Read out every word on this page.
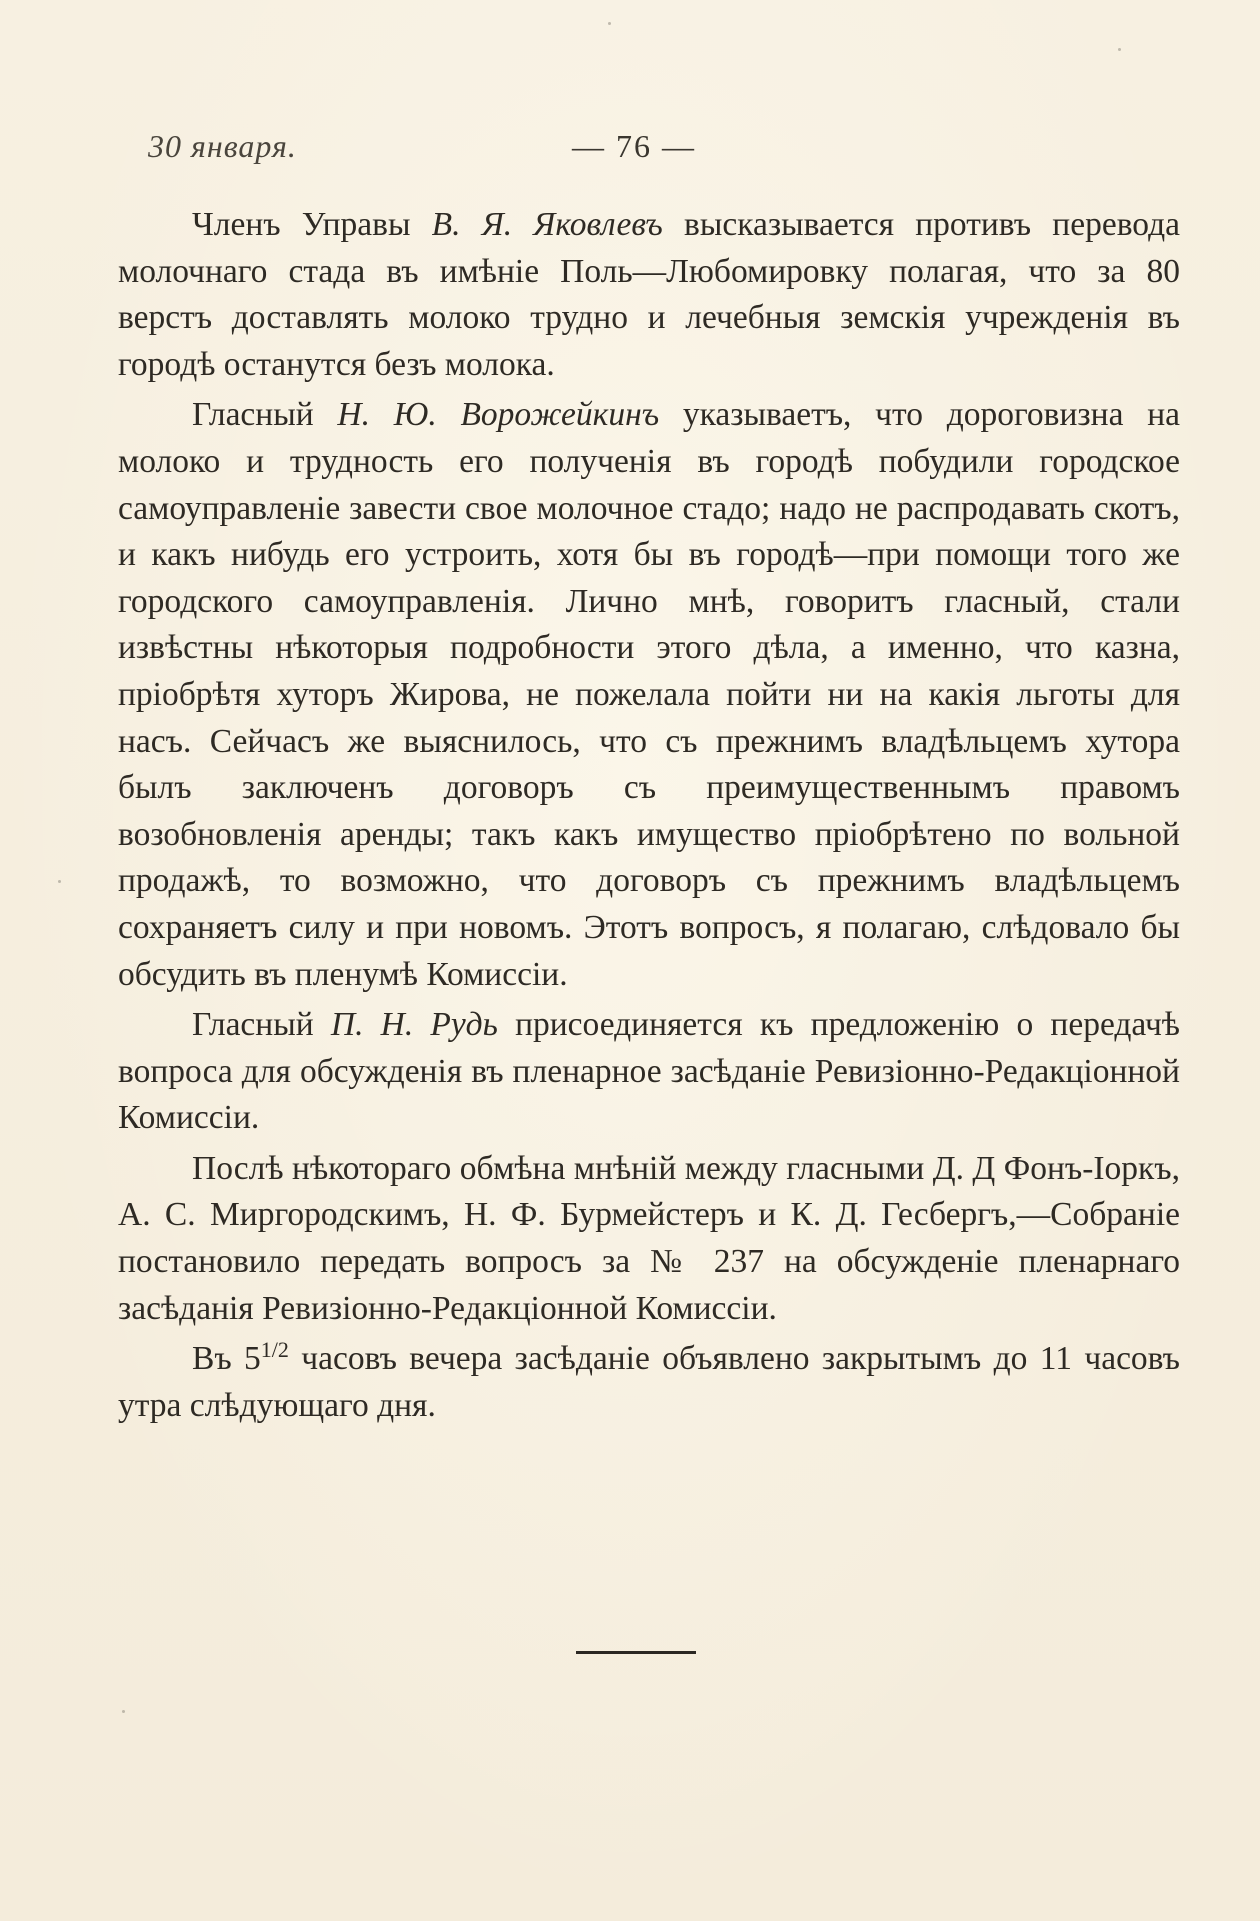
30 января.	— 76 —

Членъ Управы В. Я. Яковлевъ высказывается противъ перевода молочнаго стада въ имѣніе Поль—Любомировку полагая, что за 80 верстъ доставлять молоко трудно и лечебныя земскія учрежденія въ городѣ останутся безъ молока.

Гласный Н. Ю. Ворожейкинъ указываетъ, что дороговизна на молоко и трудность его полученія въ городѣ побудили городское самоуправленіе завести свое молочное стадо; надо не распродавать скотъ, и какъ нибудь его устроить, хотя бы въ городѣ—при помощи того же городского самоуправленія. Лично мнѣ, говоритъ гласный, стали извѣстны нѣкоторыя подробности этого дѣла, а именно, что казна, пріобрѣтя хуторъ Жирова, не пожелала пойти ни на какія льготы для насъ. Сейчасъ же выяснилось, что съ прежнимъ владѣльцемъ хутора былъ заключенъ договоръ съ преимущественнымъ правомъ возобновленія аренды; такъ какъ имущество пріобрѣтено по вольной продажѣ, то возможно, что договоръ съ прежнимъ владѣльцемъ сохраняетъ силу и при новомъ. Этотъ вопросъ, я полагаю, слѣдовало бы обсудить въ пленумѣ Комиссіи.

Гласный П. Н. Рудь присоединяется къ предложенію о передачѣ вопроса для обсужденія въ пленарное засѣданіе Ревизіонно-Редакціонной Комиссіи.

Послѣ нѣкотораго обмѣна мнѣній между гласными Д. Д Фонъ-Іоркъ, А. С. Миргородскимъ, Н. Ф. Бурмейстеръ и К. Д. Гесбергъ,—Собраніе постановило передать вопросъ за № 237 на обсужденіе пленарнаго засѣданія Ревизіонно-Редакціонной Комиссіи.

Въ $5^{1/2}$ часовъ вечера засѣданіе объявлено закрытымъ до 11 часовъ утра слѣдующаго дня.
